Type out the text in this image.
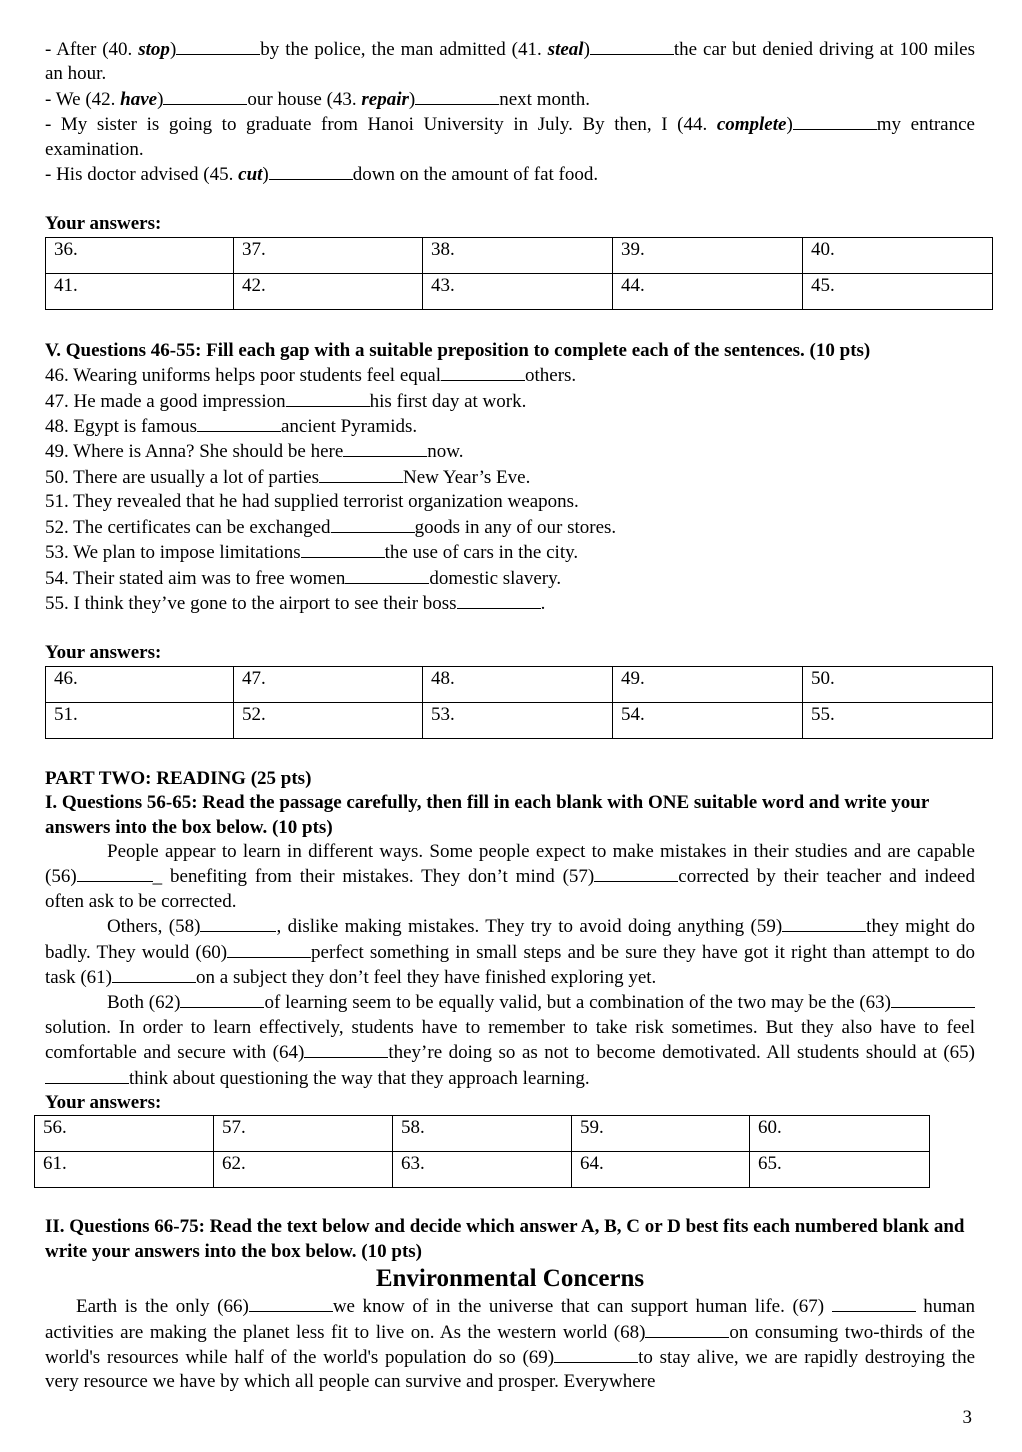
- After (40. stop)	by the police, the man admitted (41. steal)	the car but denied driving at 100 miles an hour.

- We (42. have)	our house (43. repair)	next month.

- My sister is going to graduate from Hanoi University in July. By then, I (44. complete)	my entrance examination.

- His doctor advised (45. cut)	down on the amount of fat food.

Your answers:

36.	37.	38.	39.	40.
41.	42.	43.	44.	45.

V. Questions 46-55: Fill each gap with a suitable preposition to complete each of the sentences. (10 pts)

46. Wearing uniforms helps poor students feel equal	others.

47. He made a good impression	his first day at work.

48. Egypt is famous	ancient Pyramids.

49. Where is Anna? She should be here	now.

50. There are usually a lot of parties	New Year’s Eve.

51. They revealed that he had supplied terrorist organization weapons.

52. The certificates can be exchanged	goods in any of our stores.

53. We plan to impose limitations	the use of cars in the city.

54. Their stated aim was to free women	domestic slavery.

55. I think they’ve gone to the airport to see their boss	.

Your answers:

46.	47.	48.	49.	50.
51.	52.	53.	54.	55.

PART TWO: READING (25 pts)

I. Questions 56-65: Read the passage carefully, then fill in each blank with ONE suitable word and write your answers into the box below. (10 pts)

People appear to learn in different ways. Some people expect to make mistakes in their studies and are capable (56)	_ benefiting from their mistakes. They don’t mind (57)	corrected by their teacher and indeed often ask to be corrected.

Others, (58)	, dislike making mistakes. They try to avoid doing anything (59)	they might do badly. They would (60)	perfect something in small steps and be sure they have got it right than attempt to do task (61)	on a subject they don’t feel they have finished exploring yet.

Both (62)	of learning seem to be equally valid, but a combination of the two may be the (63)solution. In order to learn effectively, students have to remember to take risk sometimes. But they also have to feel comfortable and secure with (64)	they’re doing so as not to become demotivated. All students should at (65)think about questioning the way that they approach learning.

Your answers:

56.	57.	58.	59.	60.
61.	62.	63.	64.	65.

II. Questions 66-75: Read the text below and decide which answer A, B, C or D best fits each numbered blank and write your answers into the box below. (10 pts)

Environmental Concerns

Earth is the only (66)	we know of in the universe that can support human life. (67)	human activities are making the planet less fit to live on. As the western world (68)	on consuming two-thirds of the world's resources while half of the world's population do so (69)	to stay alive, we are rapidly destroying the very resource we have by which all people can survive and prosper. Everywhere

3
